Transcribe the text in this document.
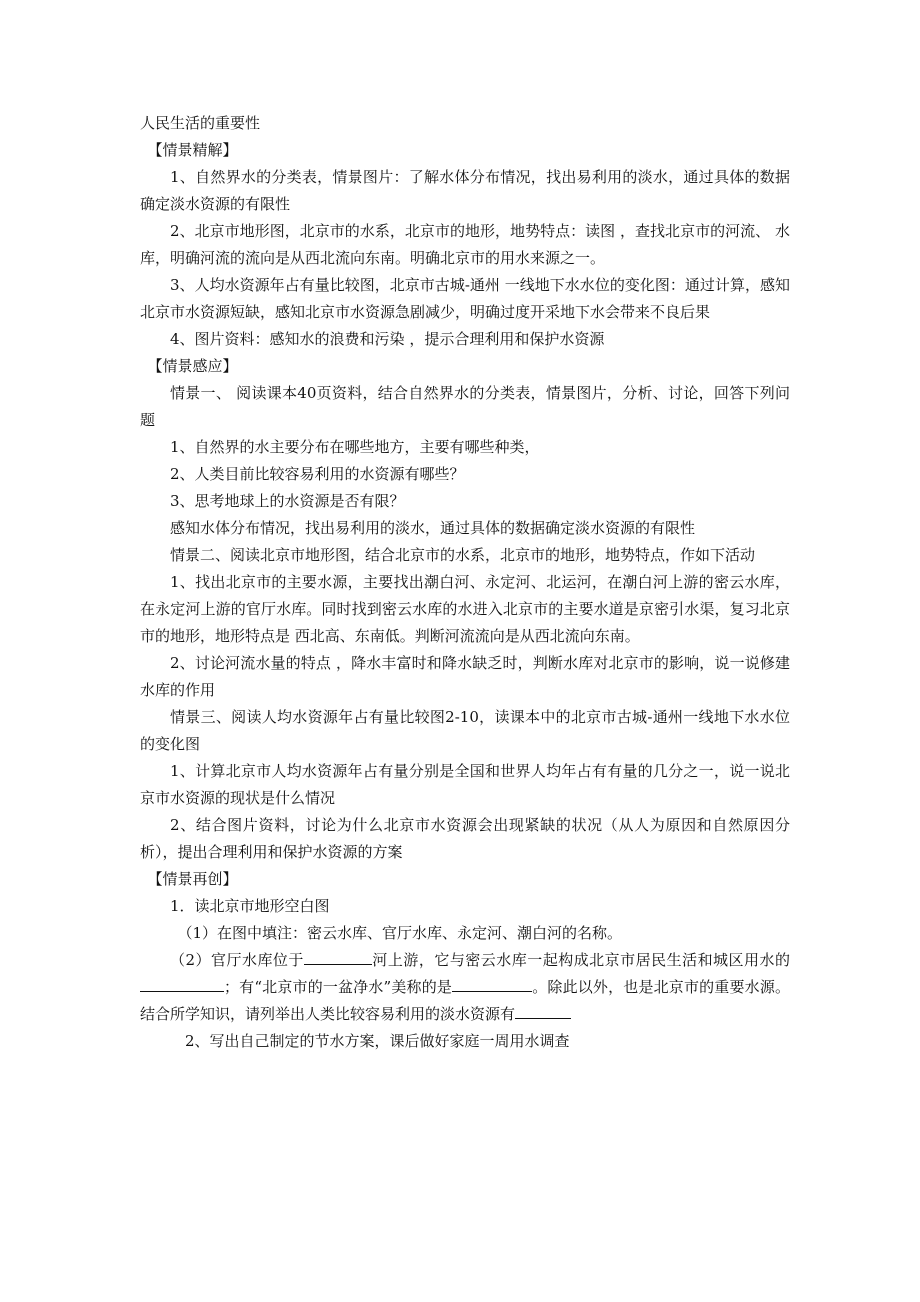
人民生活的重要性

【情景精解】

1、自然界水的分类表，情景图片：了解水体分布情况，找出易利用的淡水，通过具体的数据确定淡水资源的有限性

2、北京市地形图，北京市的水系，北京市的地形，地势特点：读图 ，查找北京市的河流、 水库，明确河流的流向是从西北流向东南。明确北京市的用水来源之一。

3、人均水资源年占有量比较图，北京市古城-通州 一线地下水水位的变化图：通过计算，感知北京市水资源短缺，感知北京市水资源急剧减少，明确过度开采地下水会带来不良后果

4、图片资料：感知水的浪费和污染 ，提示合理利用和保护水资源

【情景感应】

情景一、 阅读课本40页资料，结合自然界水的分类表，情景图片，分析、讨论，回答下列问题

1、自然界的水主要分布在哪些地方，主要有哪些种类，

2、人类目前比较容易利用的水资源有哪些？

3、思考地球上的水资源是否有限？

感知水体分布情况，找出易利用的淡水，通过具体的数据确定淡水资源的有限性

情景二、阅读北京市地形图，结合北京市的水系，北京市的地形，地势特点，作如下活动

1、找出北京市的主要水源，主要找出潮白河、永定河、北运河，在潮白河上游的密云水库，在永定河上游的官厅水库。同时找到密云水库的水进入北京市的主要水道是京密引水渠，复习北京市的地形，地形特点是 西北高、东南低。判断河流流向是从西北流向东南。

2、讨论河流水量的特点 ，降水丰富时和降水缺乏时，判断水库对北京市的影响，说一说修建水库的作用

情景三、阅读人均水资源年占有量比较图2-10，读课本中的北京市古城-通州一线地下水水位的变化图

1、计算北京市人均水资源年占有量分别是全国和世界人均年占有有量的几分之一，说一说北京市水资源的现状是什么情况

2、结合图片资料，讨论为什么北京市水资源会出现紧缺的状况（从人为原因和自然原因分析），提出合理利用和保护水资源的方案

【情景再创】

1．读北京市地形空白图

（1）在图中填注：密云水库、官厅水库、永定河、潮白河的名称。

（2）官厅水库位于	河上游，它与密云水库一起构成北京市居民生活和城区用水的；有“北京市的一盆净水”美称的是	。除此以外，也是北京市的重要水源。结合所学知识，请列举出人类比较容易利用的淡水资源有

2、写出自己制定的节水方案，课后做好家庭一周用水调查
